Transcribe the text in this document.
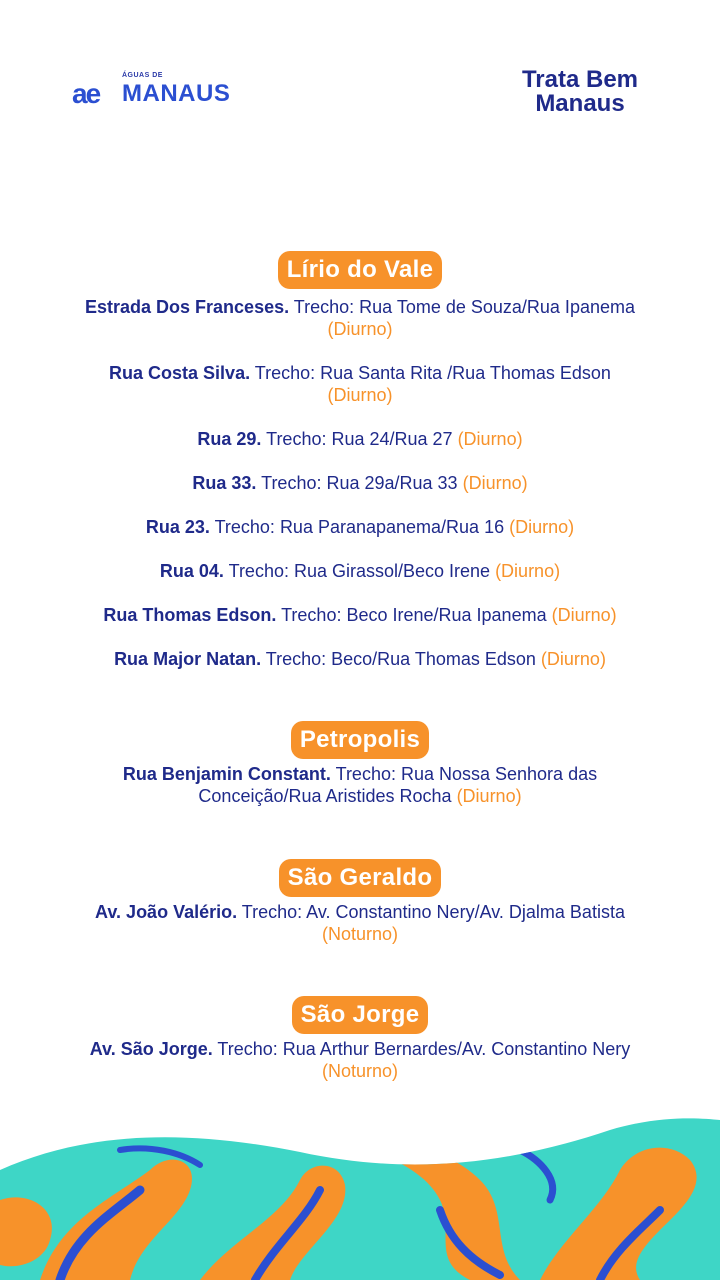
ae
ÁGUAS DE
MANAUS
Trata Bem
Manaus
Lírio do Vale

Estrada Dos Franceses. Trecho: Rua Tome de Souza/Rua Ipanema
(Diurno)

Rua Costa Silva. Trecho: Rua Santa Rita /Rua Thomas Edson
(Diurno)

Rua 29. Trecho: Rua 24/Rua 27 (Diurno)

Rua 33. Trecho: Rua 29a/Rua 33 (Diurno)

Rua 23. Trecho: Rua Paranapanema/Rua 16 (Diurno)

Rua 04. Trecho: Rua Girassol/Beco Irene (Diurno)

Rua Thomas Edson. Trecho: Beco Irene/Rua Ipanema (Diurno)

Rua Major Natan. Trecho: Beco/Rua Thomas Edson (Diurno)

Petropolis

Rua Benjamin Constant. Trecho: Rua Nossa Senhora das Conceição/Rua Aristides Rocha (Diurno)

São Geraldo

Av. João Valério. Trecho: Av. Constantino Nery/Av. Djalma Batista (Noturno)

São Jorge

Av. São Jorge. Trecho: Rua Arthur Bernardes/Av. Constantino Nery (Noturno)
